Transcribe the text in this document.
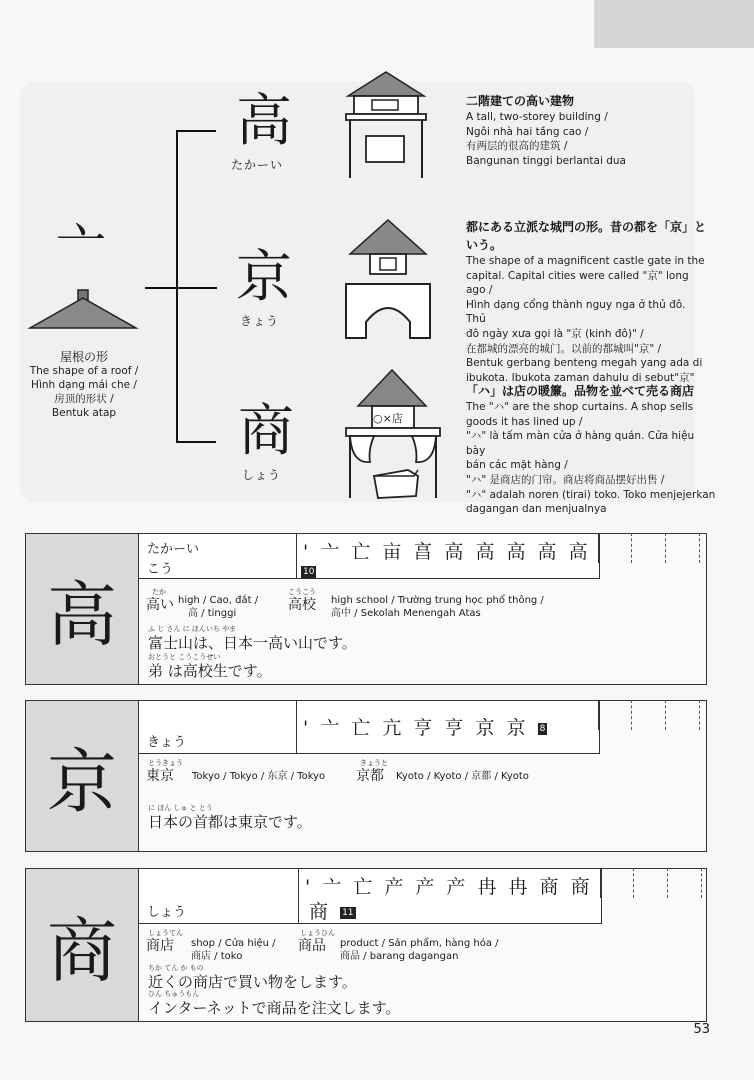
亠
屋根の形
The shape of a roof /
Hình dạng mái che /
房顶的形状 /
Bentuk atap
高
たかーい
京
きょう
商
しょう
○×店
二階建ての高い建物
A tall, two-storey building /
Ngôi nhà hai tầng cao /
有两层的很高的建筑 /
Bangunan tinggi berlantai dua
都にある立派な城門の形。昔の都を「京」という。
The shape of a magnificent castle gate in the
capital. Capital cities were called "京" long ago /
Hình dạng cổng thành nguy nga ở thủ đô. Thủ
đô ngày xưa gọi là "京 (kinh đô)" /
在都城的漂亮的城门。以前的都城叫"京" /
Bentuk gerbang benteng megah yang ada di
ibukota. Ibukota zaman dahulu di sebut"京"
「ハ」は店の暖簾。品物を並べて売る商店
The "ハ" are the shop curtains. A shop sells
goods it has lined up /
"ハ" là tấm màn cửa ở hàng quán. Cửa hiệu bày
bán các mặt hàng /
"ハ" 是商店的门帘。商店将商品摆好出售 /
"ハ" adalah noren (tirai) toko. Toko menjejerkan
dagangan dan menjualnya
高
たかーい
こう
' 亠 亡 亩 亯 高 高 高 高 高
10
たか
高い high / Cao, đắt /
高 / tinggi
こうこう
高校 high school / Trường trung học phổ thông /
高中 / Sekolah Menengah Atas
ふ じ さん に ほんいち やま
富士山は、日本一高い山です。
おとうと こうこうせい
弟 は高校生です。
京	きょう
' 亠 亡 亢 亨 亨 京 京 8
とうきょう
東京	Tokyo / Tokyo / 东京 / Tokyo
きょうと
京都	Kyoto / Kyoto / 京都 / Kyoto
に ほん しゅ と とう
日本の首都は東京です。
商	しょう
' 亠 亡 产 产 产 冉 冉 商 商
商 11
しょうてん
商店	shop / Cửa hiệu /
商店 / toko
しょうひん
商品	product / Sản phẩm, hàng hóa /
商品 / barang dagangan
ちか てん か もの
近くの商店で買い物をします。
ひん ちゅうもん
インターネットで商品を注文します。
53
